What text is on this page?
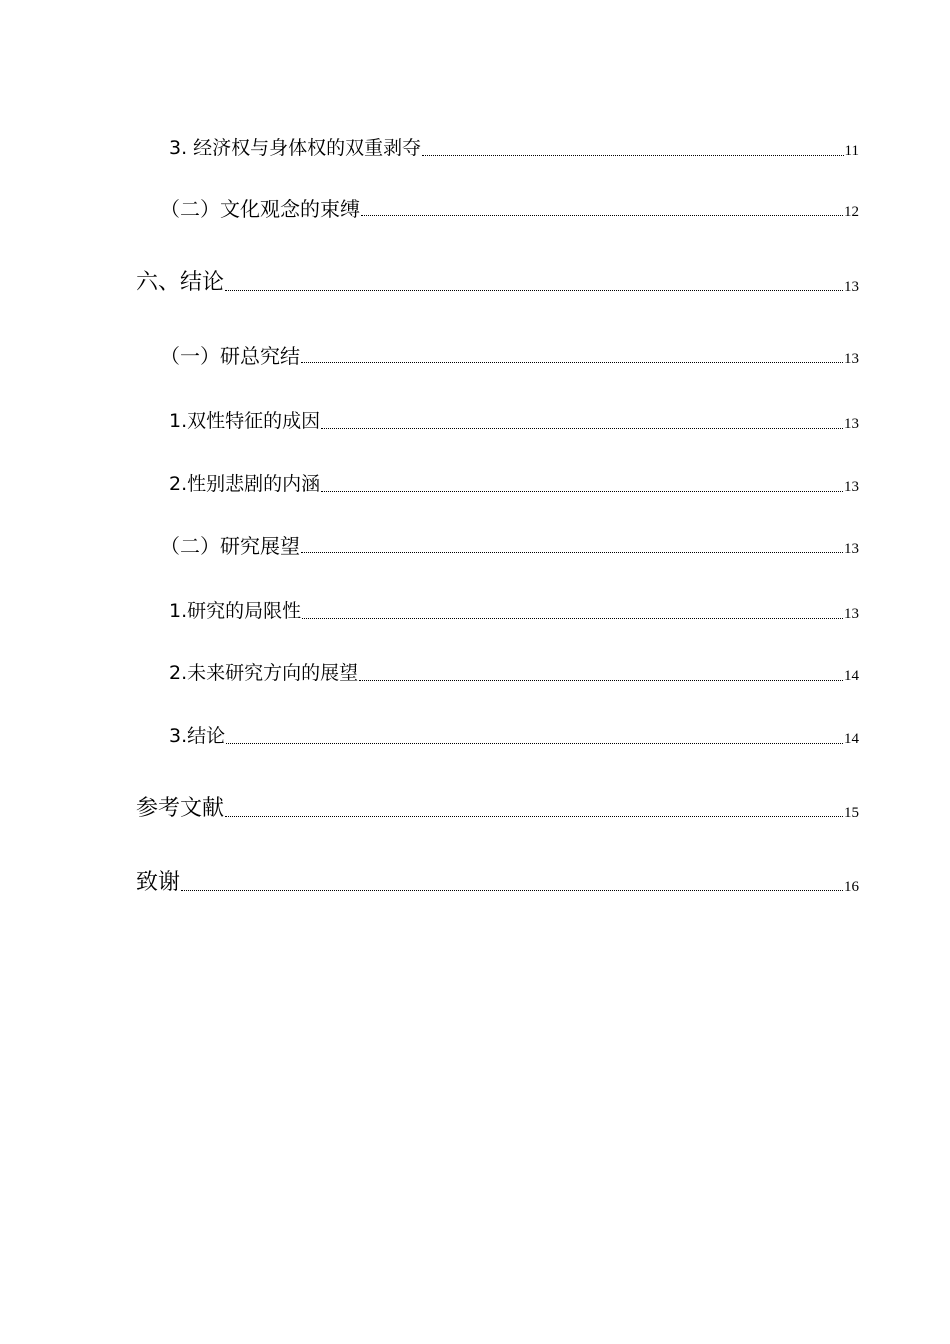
3. 经济权与身体权的双重剥夺	11
（二）文化观念的束缚	12
六、结论	13
（一）研总究结	13
1.双性特征的成因	13
2.性别悲剧的内涵	13
（二）研究展望	13
1.研究的局限性	13
2.未来研究方向的展望	14
3.结论	14
参考文献	15
致谢	16
